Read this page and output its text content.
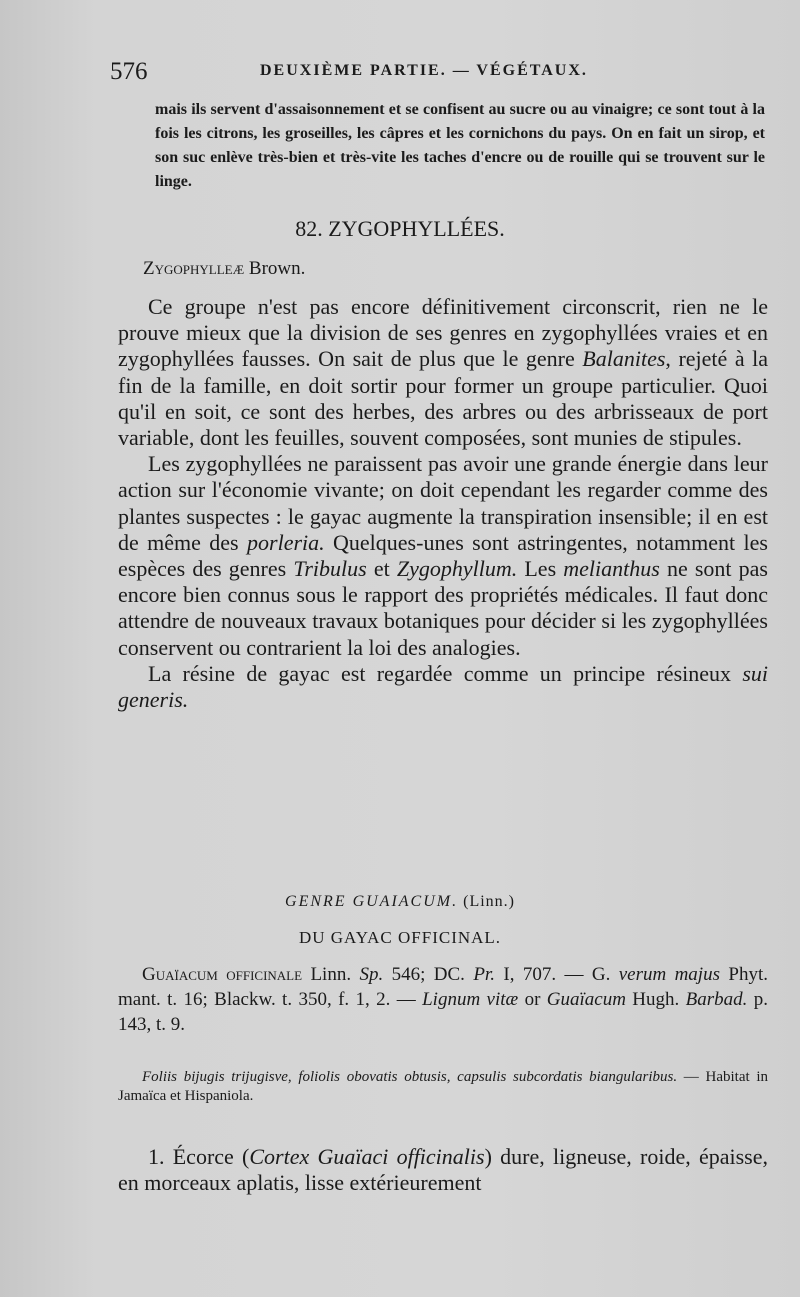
576	DEUXIÈME PARTIE. — VÉGÉTAUX.

mais ils servent d'assaisonnement et se confisent au sucre ou au vinaigre; ce sont tout à la fois les citrons, les groseilles, les câpres et les cornichons du pays. On en fait un sirop, et son suc enlève très-bien et très-vite les taches d'encre ou de rouille qui se trouvent sur le linge.

82. ZYGOPHYLLÉES.
Zygophylleæ Brown.

Ce groupe n'est pas encore définitivement circonscrit, rien ne le prouve mieux que la division de ses genres en zygophyllées vraies et en zygophyllées fausses. On sait de plus que le genre Balanites, rejeté à la fin de la famille, en doit sortir pour former un groupe particulier. Quoi qu'il en soit, ce sont des herbes, des arbres ou des arbrisseaux de port variable, dont les feuilles, souvent composées, sont munies de stipules.

Les zygophyllées ne paraissent pas avoir une grande énergie dans leur action sur l'économie vivante; on doit cependant les regarder comme des plantes suspectes : le gayac augmente la transpiration insensible; il en est de même des porleria. Quelques-unes sont astringentes, notamment les espèces des genres Tribulus et Zygophyllum. Les melianthus ne sont pas encore bien connus sous le rapport des propriétés médicales. Il faut donc attendre de nouveaux travaux botaniques pour décider si les zygophyllées conservent ou contrarient la loi des analogies.

La résine de gayac est regardée comme un principe résineux sui generis.

GENRE GUAIACUM. (Linn.)
DU GAYAC OFFICINAL.

Guaïacum officinale Linn. Sp. 546; DC. Pr. I, 707. — G. verum majus Phyt. mant. t. 16; Blackw. t. 350, f. 1, 2. — Lignum vitæ or Guaïacum Hugh. Barbad. p. 143, t. 9.

Foliis bijugis trijugisve, foliolis obovatis obtusis, capsulis subcordatis biangularibus. — Habitat in Jamaïca et Hispaniola.

1. Écorce (Cortex Guaïaci officinalis) dure, ligneuse, roide, épaisse, en morceaux aplatis, lisse extérieurement
